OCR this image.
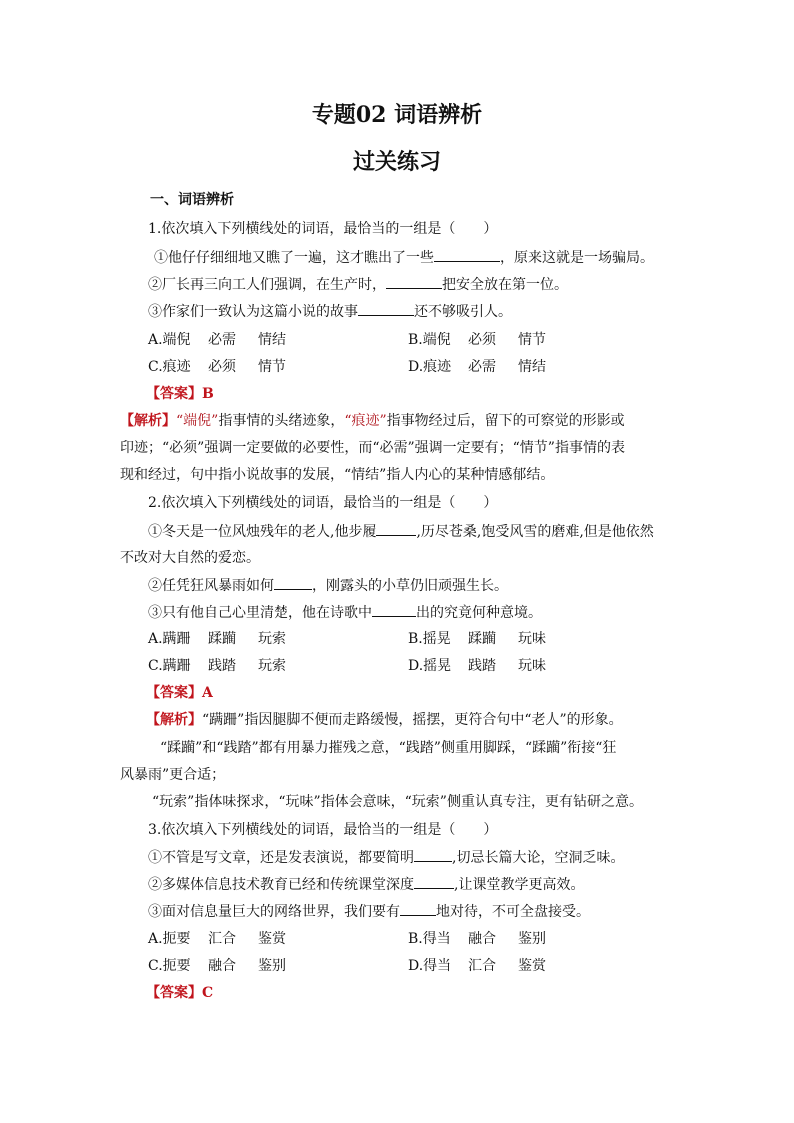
专题02 词语辨析
过关练习
一、词语辨析
1.依次填入下列横线处的词语，最恰当的一组是（　　）
①他仔仔细细地又瞧了一遍，这才瞧出了一些	，原来这就是一场骗局。
②厂长再三向工人们强调，在生产时，	把安全放在第一位。
③作家们一致认为这篇小说的故事	还不够吸引人。
A.端倪 必需 情结	B.端倪 必须 情节
C.痕迹 必须 情节	D.痕迹 必需 情结
【答案】B
【解析】“端倪”指事情的头绪迹象，“痕迹”指事物经过后，留下的可察觉的形影或
印迹；“必须”强调一定要做的必要性，而“必需”强调一定要有；“情节”指事情的表
现和经过，句中指小说故事的发展，“情结”指人内心的某种情感郁结。
2.依次填入下列横线处的词语，最恰当的一组是（　　）
①冬天是一位风烛残年的老人,他步履	,历尽苍桑,饱受风雪的磨难,但是他依然
不改对大自然的爱恋。
②任凭狂风暴雨如何	，刚露头的小草仍旧顽强生长。
③只有他自己心里清楚，他在诗歌中	出的究竟何种意境。
A.蹒跚 蹂躏 玩索	B.摇晃 蹂躏 玩味
C.蹒跚 践踏 玩索	D.摇晃 践踏 玩味
【答案】A
【解析】“蹒跚”指因腿脚不便而走路缓慢，摇摆，更符合句中“老人”的形象。
“蹂躏”和“践踏”都有用暴力摧残之意，“践踏”侧重用脚踩，“蹂躏”衔接“狂
风暴雨”更合适；
“玩索”指体味探求，“玩味”指体会意味，“玩索”侧重认真专注，更有钻研之意。
3.依次填入下列横线处的词语，最恰当的一组是（　　）
①不管是写文章，还是发表演说，都要简明	,切忌长篇大论，空洞乏味。
②多媒体信息技术教育已经和传统课堂深度	,让课堂教学更高效。
③面对信息量巨大的网络世界，我们要有	地对待，不可全盘接受。
A.扼要 汇合 鉴赏	B.得当 融合 鉴别
C.扼要 融合 鉴别	D.得当 汇合 鉴赏
【答案】C
